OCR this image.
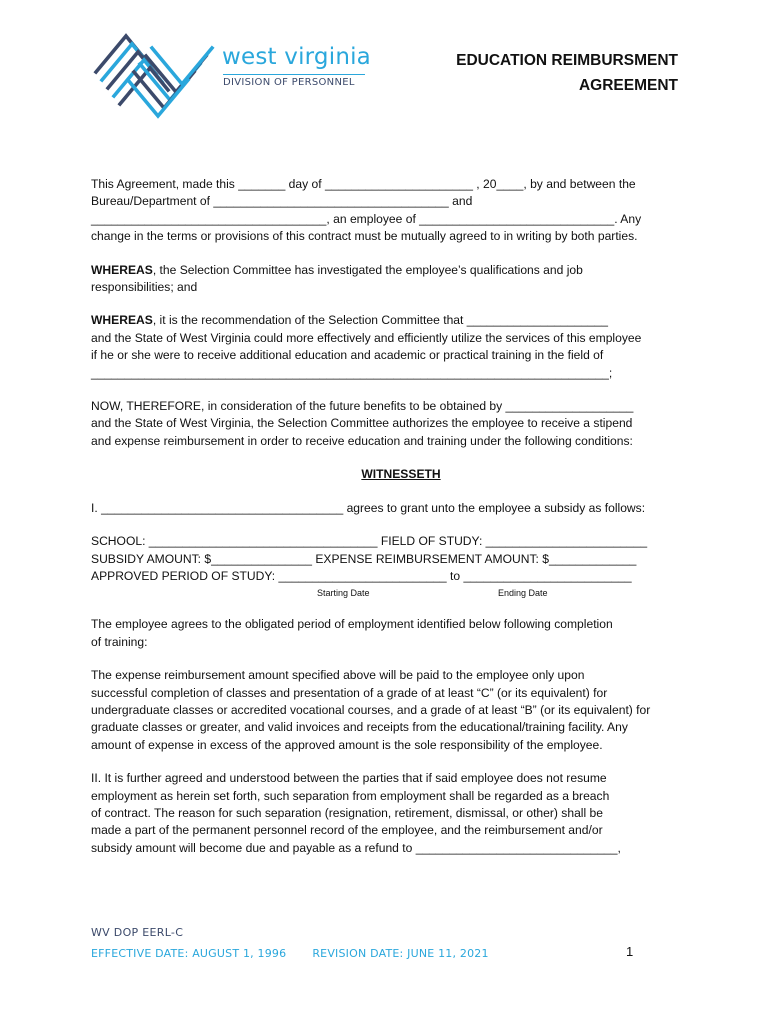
west virginia
DIVISION OF PERSONNEL
EDUCATION REIMBURSMENT
AGREEMENT
This Agreement, made this _______ day of ______________________ , 20____, by and between the
Bureau/Department of ___________________________________ and
___________________________________, an employee of _____________________________. Any
change in the terms or provisions of this contract must be mutually agreed to in writing by both parties.
WHEREAS, the Selection Committee has investigated the employee’s qualifications and job
responsibilities; and
WHEREAS, it is the recommendation of the Selection Committee that _____________________
and the State of West Virginia could more effectively and efficiently utilize the services of this employee
if he or she were to receive additional education and academic or practical training in the field of
_____________________________________________________________________________;
NOW, THEREFORE, in consideration of the future benefits to be obtained by ___________________
and the State of West Virginia, the Selection Committee authorizes the employee to receive a stipend
and expense reimbursement in order to receive education and training under the following conditions:
WITNESSETH
I. ____________________________________ agrees to grant unto the employee a subsidy as follows:
SCHOOL: __________________________________ FIELD OF STUDY: ________________________
SUBSIDY AMOUNT: $_______________ EXPENSE REIMBURSEMENT AMOUNT: $_____________
APPROVED PERIOD OF STUDY: _________________________ to _________________________
Starting Date	Ending Date
The employee agrees to the obligated period of employment identified below following completion
of training:
The expense reimbursement amount specified above will be paid to the employee only upon
successful completion of classes and presentation of a grade of at least “C” (or its equivalent) for
undergraduate classes or accredited vocational courses, and a grade of at least “B” (or its equivalent) for
graduate classes or greater, and valid invoices and receipts from the educational/training facility. Any
amount of expense in excess of the approved amount is the sole responsibility of the employee.
II. It is further agreed and understood between the parties that if said employee does not resume
employment as herein set forth, such separation from employment shall be regarded as a breach
of contract. The reason for such separation (resignation, retirement, dismissal, or other) shall be
made a part of the permanent personnel record of the employee, and the reimbursement and/or
subsidy amount will become due and payable as a refund to ______________________________,
WV DOP EERL-C
EFFECTIVE DATE: AUGUST 1, 1996 REVISION DATE: JUNE 11, 2021	1
